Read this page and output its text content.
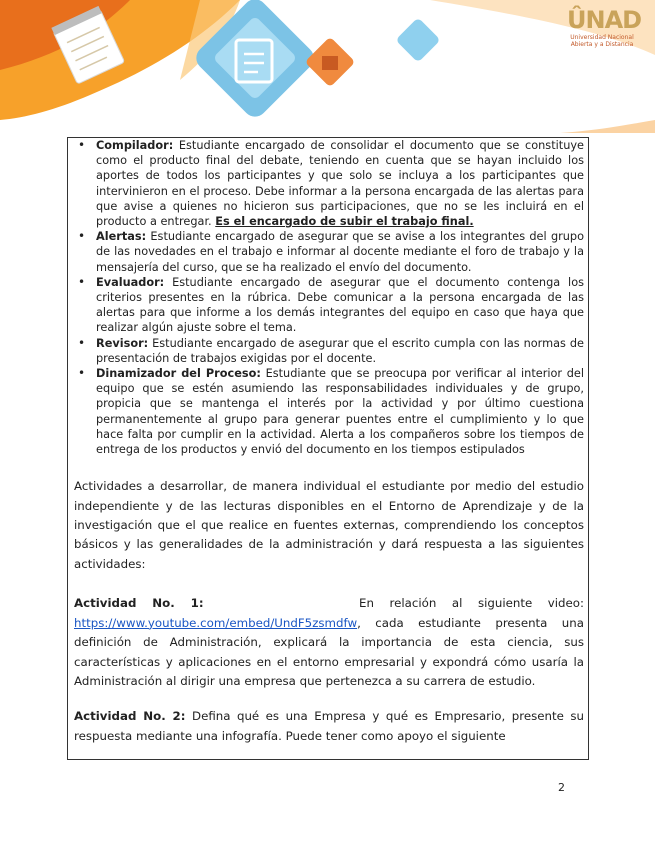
ÛNAD
Universidad Nacional
Abierta y a Distancia
• Compilador: Estudiante encargado de consolidar el documento que se constituye como el producto final del debate, teniendo en cuenta que se hayan incluido los aportes de todos los participantes y que solo se incluya a los participantes que intervinieron en el proceso. Debe informar a la persona encargada de las alertas para que avise a quienes no hicieron sus participaciones, que no se les incluirá en el producto a entregar. Es el encargado de subir el trabajo final.
• Alertas: Estudiante encargado de asegurar que se avise a los integrantes del grupo de las novedades en el trabajo e informar al docente mediante el foro de trabajo y la mensajería del curso, que se ha realizado el envío del documento.
• Evaluador: Estudiante encargado de asegurar que el documento contenga los criterios presentes en la rúbrica. Debe comunicar a la persona encargada de las alertas para que informe a los demás integrantes del equipo en caso que haya que realizar algún ajuste sobre el tema.
• Revisor: Estudiante encargado de asegurar que el escrito cumpla con las normas de presentación de trabajos exigidas por el docente.
• Dinamizador del Proceso: Estudiante que se preocupa por verificar al interior del equipo que se estén asumiendo las responsabilidades individuales y de grupo, propicia que se mantenga el interés por la actividad y por último cuestiona permanentemente al grupo para generar puentes entre el cumplimiento y lo que hace falta por cumplir en la actividad. Alerta a los compañeros sobre los tiempos de entrega de los productos y envió del documento en los tiempos estipulados

Actividades a desarrollar, de manera individual el estudiante por medio del estudio independiente y de las lecturas disponibles en el Entorno de Aprendizaje y de la investigación que el que realice en fuentes externas, comprendiendo los conceptos básicos y las generalidades de la administración y dará respuesta a las siguientes actividades:

Actividad No. 1:          En relación al siguiente video: https://www.youtube.com/embed/UndF5zsmdfw, cada estudiante presenta una definición de Administración, explicará la importancia de esta ciencia, sus características y aplicaciones en el entorno empresarial y expondrá cómo usaría la Administración al dirigir una empresa que pertenezca a su carrera de estudio.

Actividad No. 2: Defina qué es una Empresa y qué es Empresario, presente su respuesta mediante una infografía. Puede tener como apoyo el siguiente

2
